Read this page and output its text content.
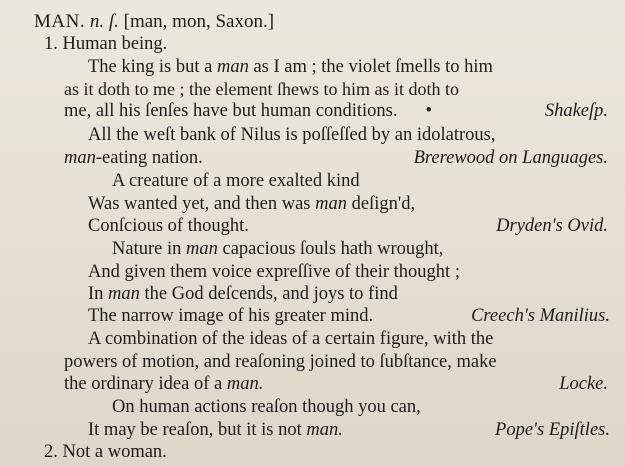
MAN. n. ſ. [man, mon, Saxon.]
1. Human being.
The king is but a man as I am ; the violet ſmells to him
as it doth to me ; the element ſhews to him as it doth to
me, all his ſenſes have but human conditions. •	Shakeſp.
All the weſt bank of Nilus is poſſeſſed by an idolatrous,
man-eating nation.	Brerewood on Languages.
A creature of a more exalted kind
Was wanted yet, and then was man deſign'd,
Conſcious of thought.	Dryden's Ovid.
Nature in man capacious ſouls hath wrought,
And given them voice expreſſive of their thought ;
In man the God deſcends, and joys to find
The narrow image of his greater mind.	Creech's Manilius.
A combination of the ideas of a certain figure, with the
powers of motion, and reaſoning joined to ſubſtance, make
the ordinary idea of a man.	Locke.
On human actions reaſon though you can,
It may be reaſon, but it is not man.	Pope's Epiſtles.
2. Not a woman.
